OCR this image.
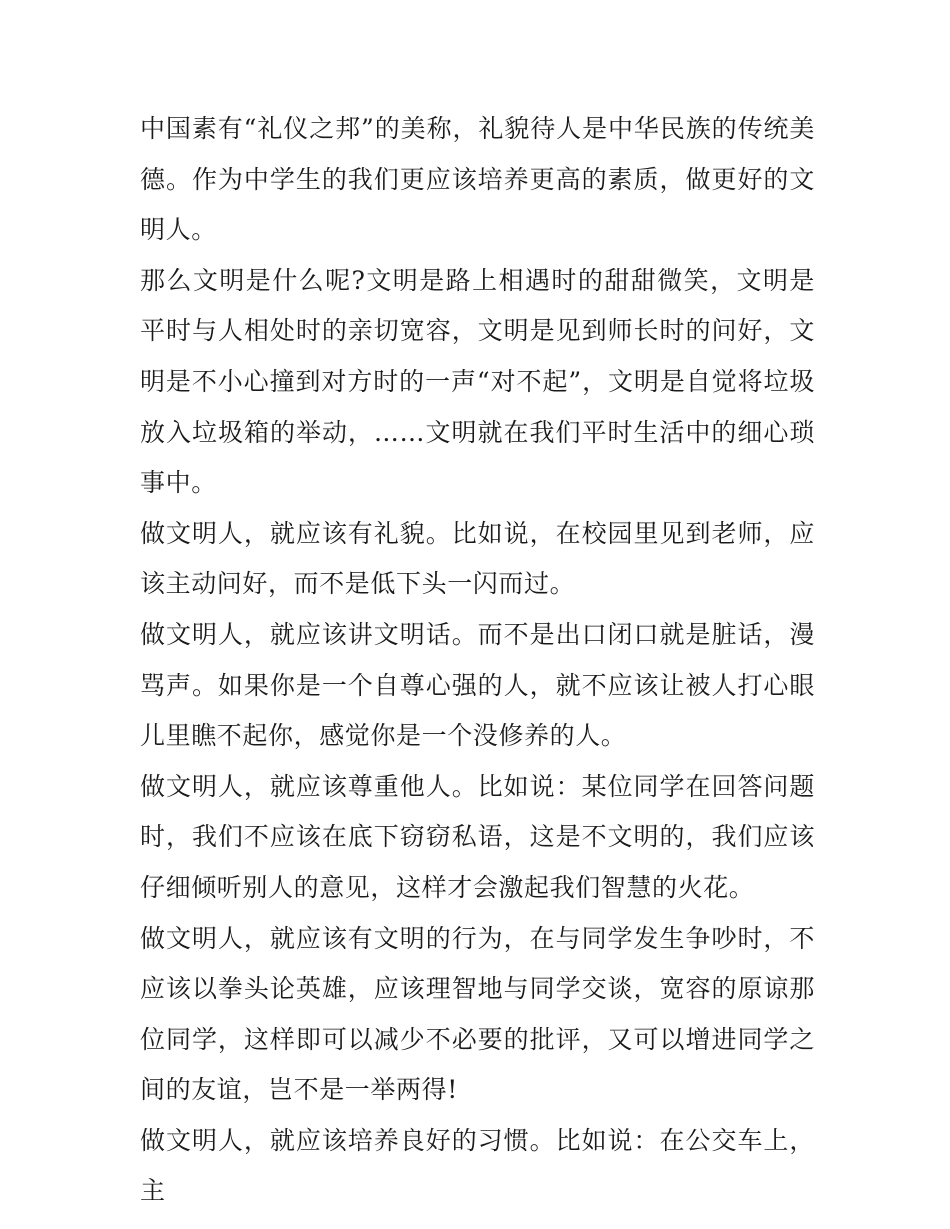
中国素有“礼仪之邦”的美称，礼貌待人是中华民族的传统美德。作为中学生的我们更应该培养更高的素质，做更好的文明人。

那么文明是什么呢?文明是路上相遇时的甜甜微笑，文明是平时与人相处时的亲切宽容，文明是见到师长时的问好，文明是不小心撞到对方时的一声“对不起”，文明是自觉将垃圾放入垃圾箱的举动，……文明就在我们平时生活中的细心琐事中。

做文明人，就应该有礼貌。比如说，在校园里见到老师，应该主动问好，而不是低下头一闪而过。

做文明人，就应该讲文明话。而不是出口闭口就是脏话，漫骂声。如果你是一个自尊心强的人，就不应该让被人打心眼儿里瞧不起你，感觉你是一个没修养的人。

做文明人，就应该尊重他人。比如说：某位同学在回答问题时，我们不应该在底下窃窃私语，这是不文明的，我们应该仔细倾听别人的意见，这样才会激起我们智慧的火花。

做文明人，就应该有文明的行为，在与同学发生争吵时，不应该以拳头论英雄，应该理智地与同学交谈，宽容的原谅那位同学，这样即可以减少不必要的批评，又可以增进同学之间的友谊，岂不是一举两得!

做文明人，就应该培养良好的习惯。比如说：在公交车上，主
